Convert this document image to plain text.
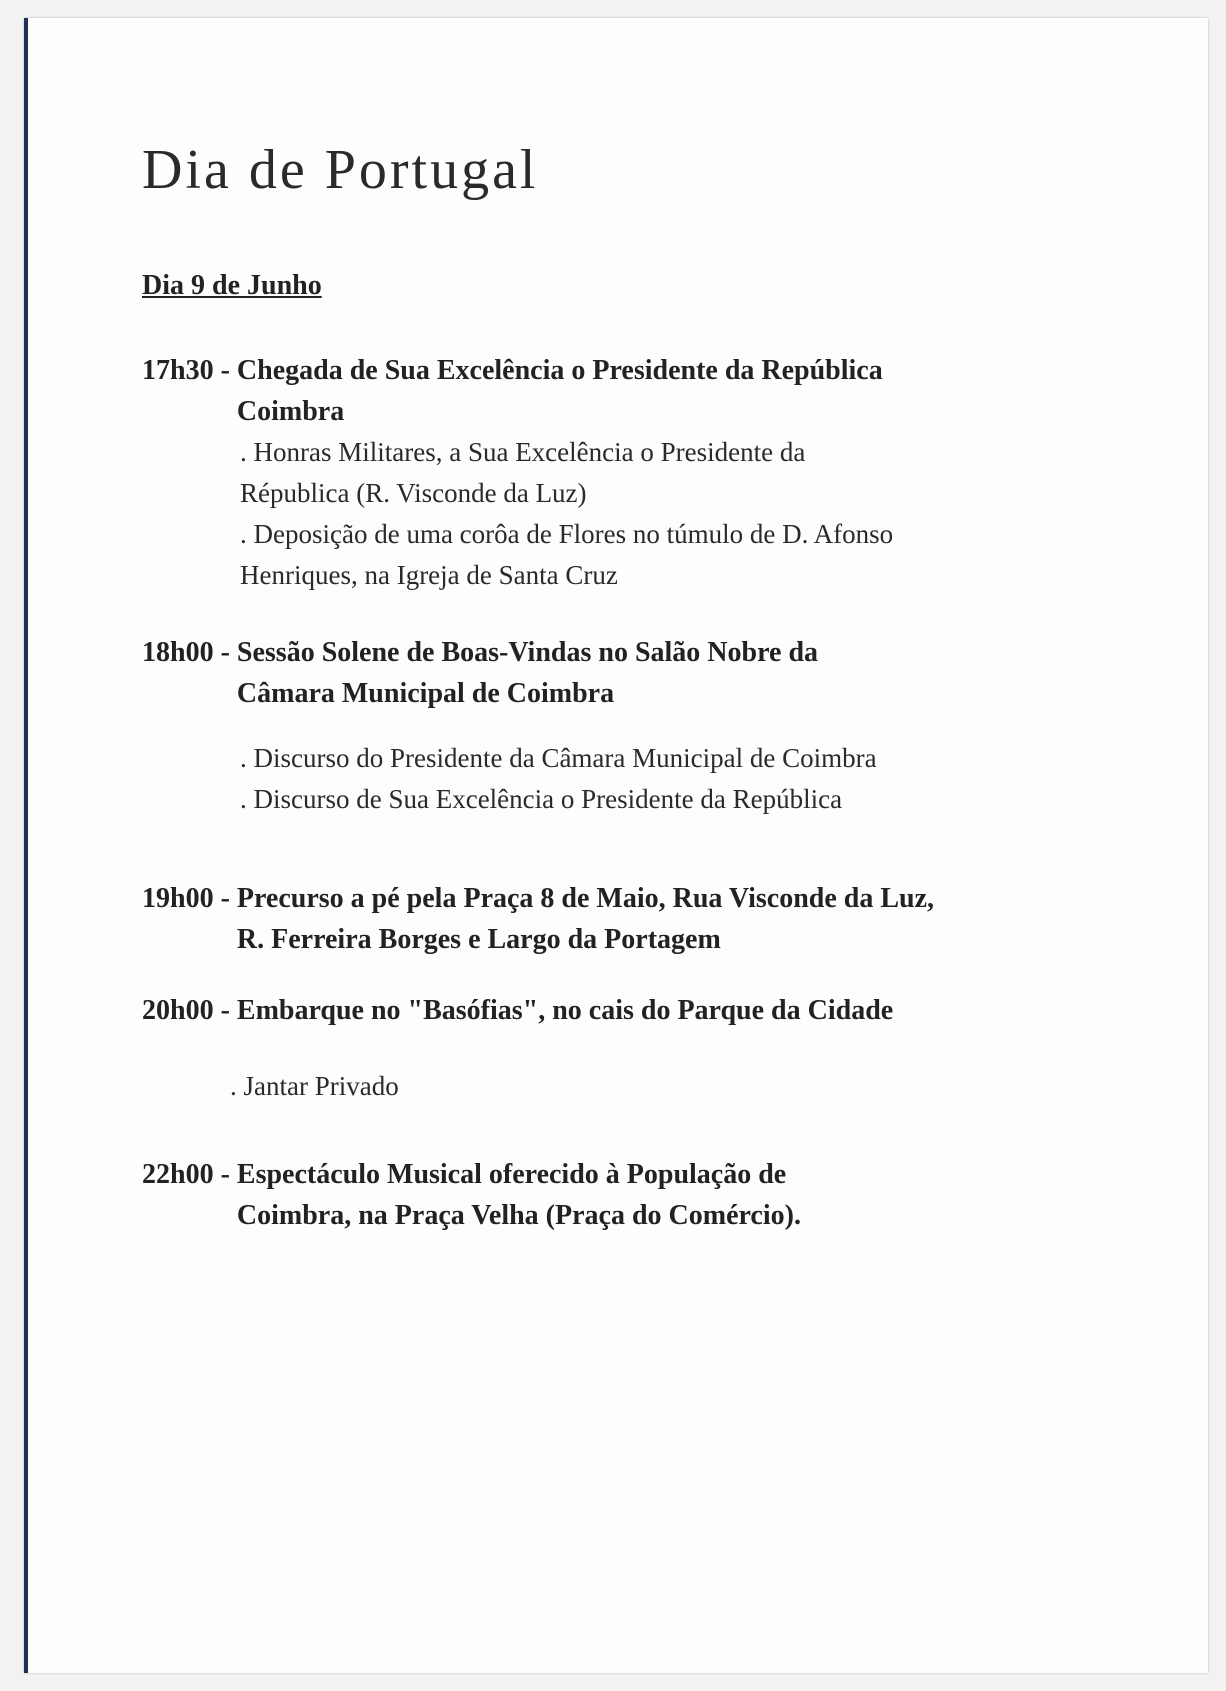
Dia de Portugal
Dia 9 de Junho
17h30 - Chegada de Sua Excelência o Presidente da República
Coimbra
. Honras Militares, a Sua Excelência o Presidente da
Républica (R. Visconde da Luz)
. Deposição de uma corôa de Flores no túmulo de D. Afonso
Henriques, na Igreja de Santa Cruz
18h00 - Sessão Solene de Boas-Vindas no Salão Nobre da
Câmara Municipal de Coimbra
. Discurso do Presidente da Câmara Municipal de Coimbra
. Discurso de Sua Excelência o Presidente da República
19h00 - Precurso a pé pela Praça 8 de Maio, Rua Visconde da Luz,
R. Ferreira Borges e Largo da Portagem
20h00 - Embarque no "Basófias", no cais do Parque da Cidade
. Jantar Privado
22h00 - Espectáculo Musical oferecido à População de
Coimbra, na Praça Velha (Praça do Comércio).
